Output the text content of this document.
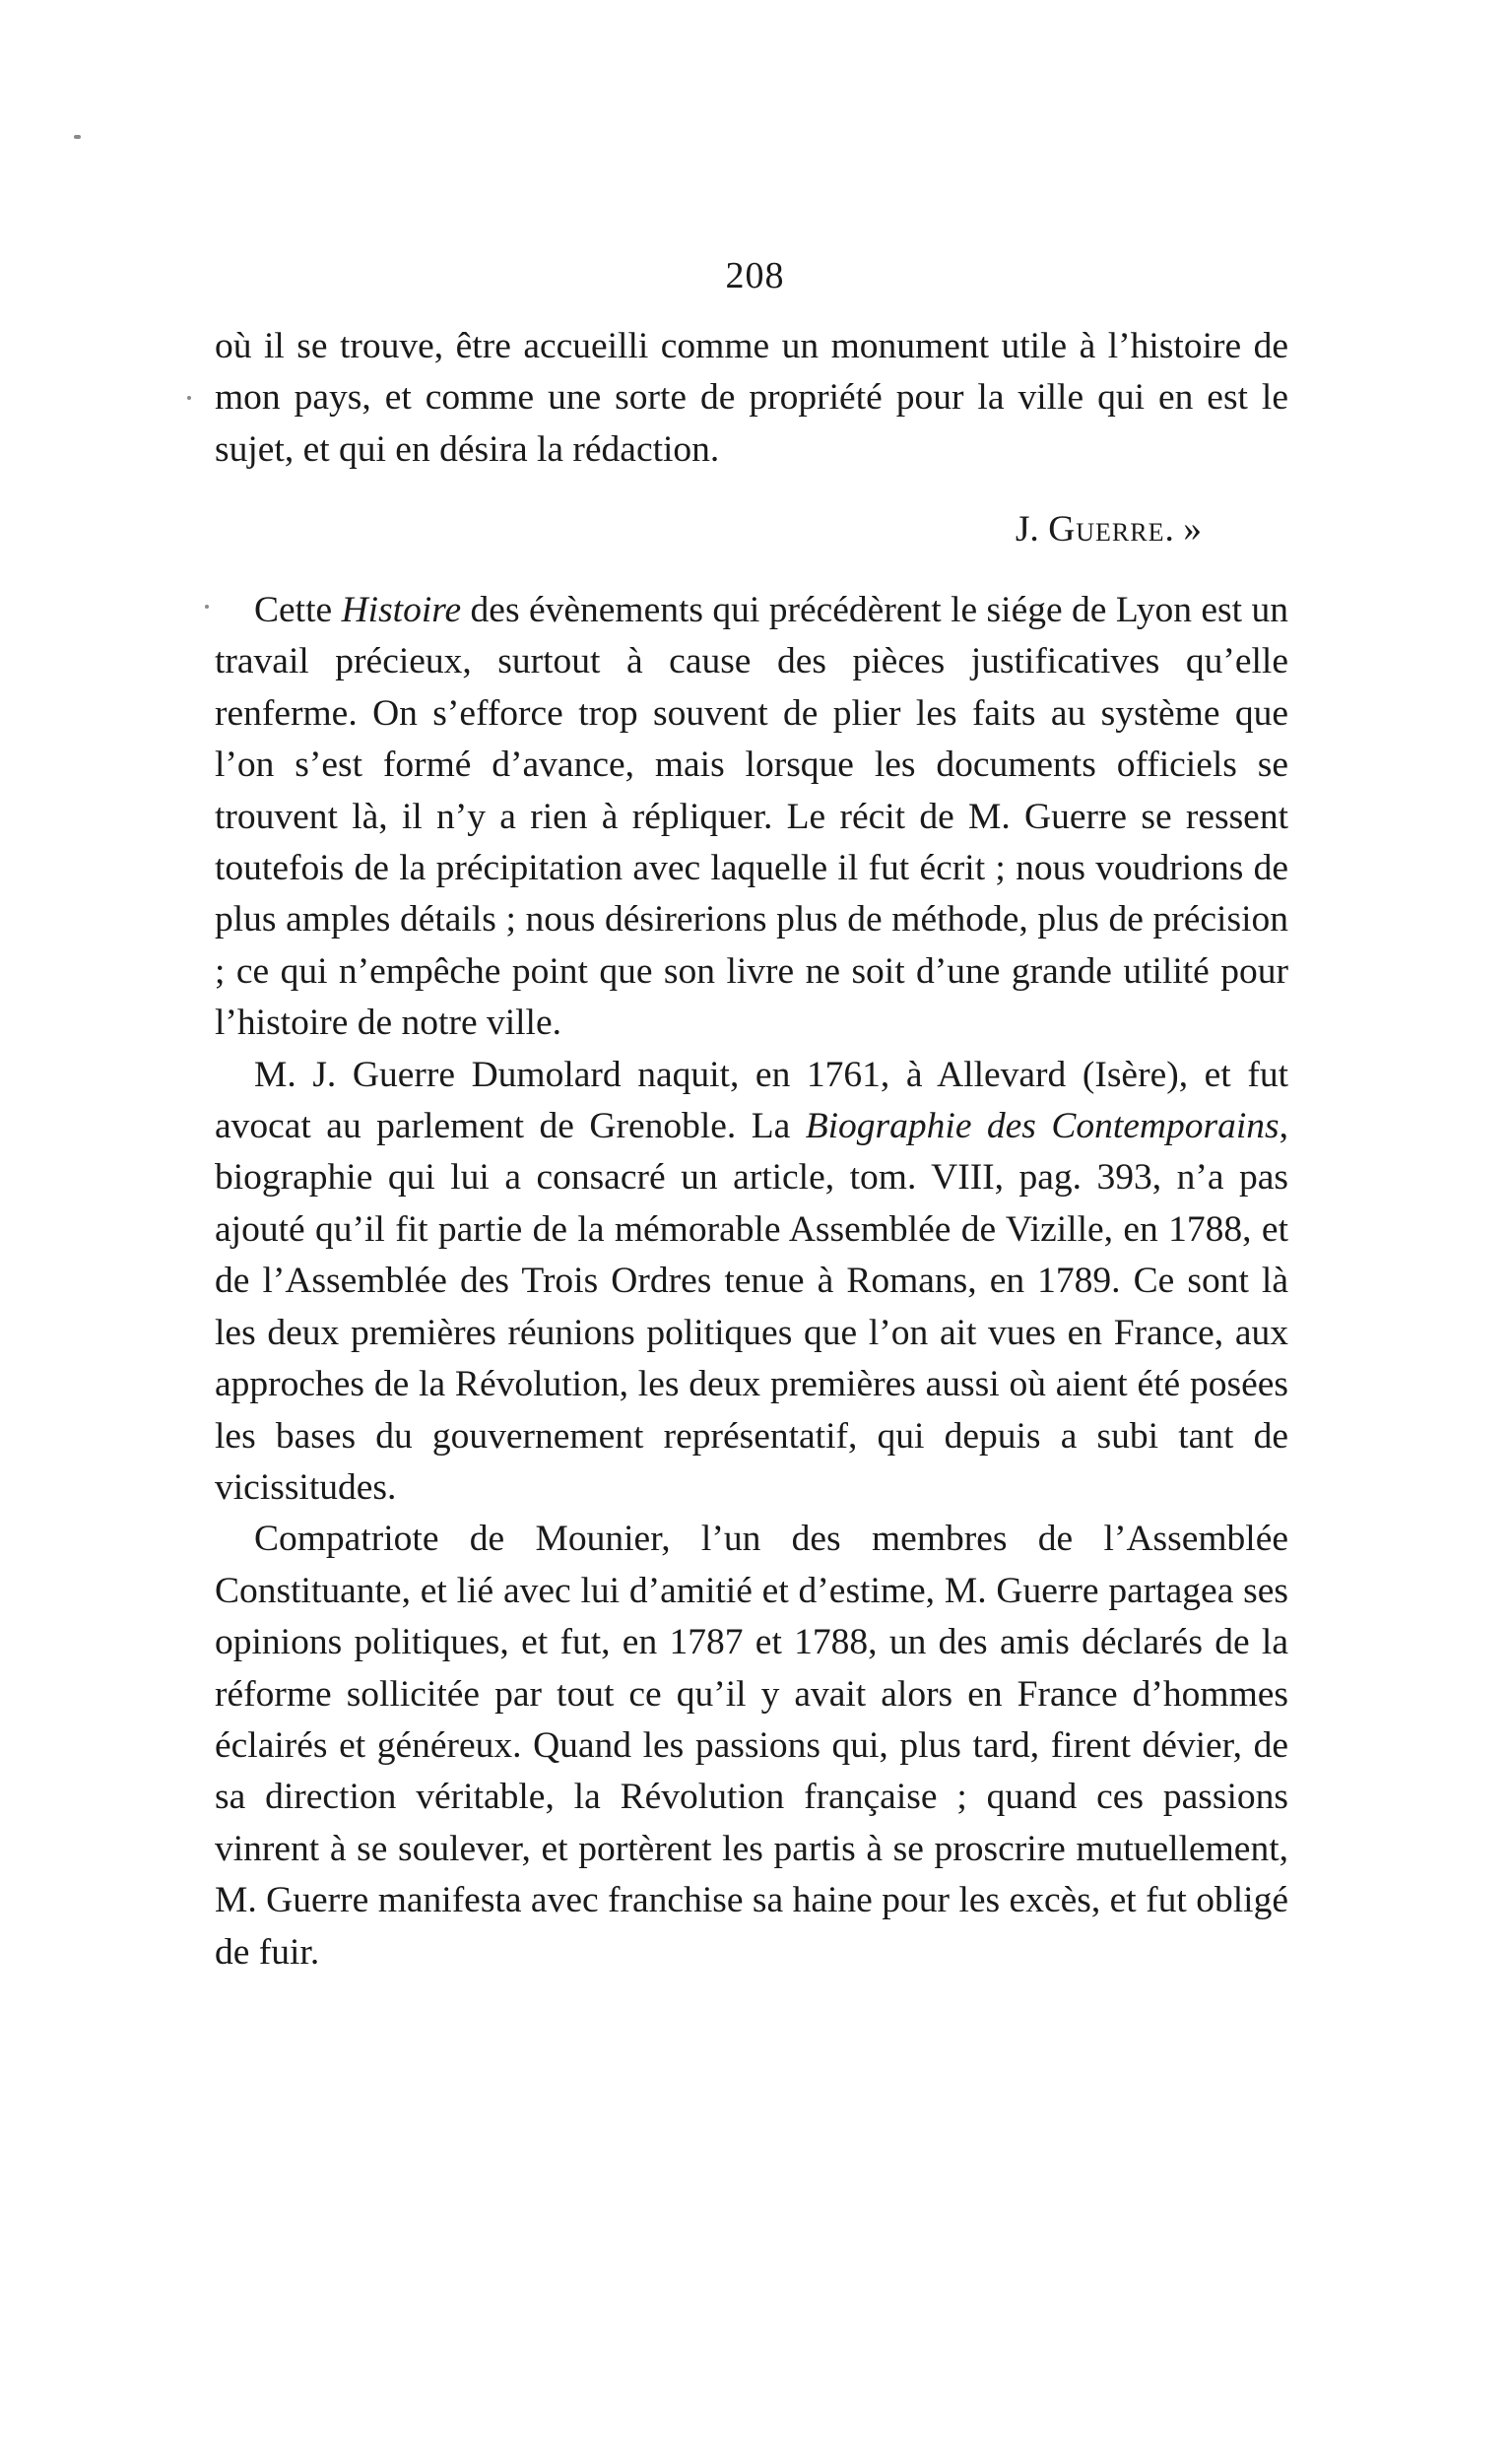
208

où il se trouve, être accueilli comme un monument utile à l’histoire de mon pays, et comme une sorte de propriété pour la ville qui en est le sujet, et qui en désira la rédaction.

J. Guerre. »

Cette Histoire des évènements qui précédèrent le siége de Lyon est un travail précieux, surtout à cause des pièces justificatives qu’elle renferme. On s’efforce trop souvent de plier les faits au système que l’on s’est formé d’avance, mais lorsque les documents officiels se trouvent là, il n’y a rien à répliquer. Le récit de M. Guerre se ressent toutefois de la précipitation avec laquelle il fut écrit ; nous voudrions de plus amples détails ; nous désirerions plus de méthode, plus de précision ; ce qui n’empêche point que son livre ne soit d’une grande utilité pour l’histoire de notre ville.

M. J. Guerre Dumolard naquit, en 1761, à Allevard (Isère), et fut avocat au parlement de Grenoble. La Biographie des Contemporains, biographie qui lui a consacré un article, tom. VIII, pag. 393, n’a pas ajouté qu’il fit partie de la mémorable Assemblée de Vizille, en 1788, et de l’Assemblée des Trois Ordres tenue à Romans, en 1789. Ce sont là les deux premières réunions politiques que l’on ait vues en France, aux approches de la Révolution, les deux premières aussi où aient été posées les bases du gouvernement représentatif, qui depuis a subi tant de vicissitudes.

Compatriote de Mounier, l’un des membres de l’Assemblée Constituante, et lié avec lui d’amitié et d’estime, M. Guerre partagea ses opinions politiques, et fut, en 1787 et 1788, un des amis déclarés de la réforme sollicitée par tout ce qu’il y avait alors en France d’hommes éclairés et généreux. Quand les passions qui, plus tard, firent dévier, de sa direction véritable, la Révolution française ; quand ces passions vinrent à se soulever, et portèrent les partis à se proscrire mutuellement, M. Guerre manifesta avec franchise sa haine pour les excès, et fut obligé de fuir.
